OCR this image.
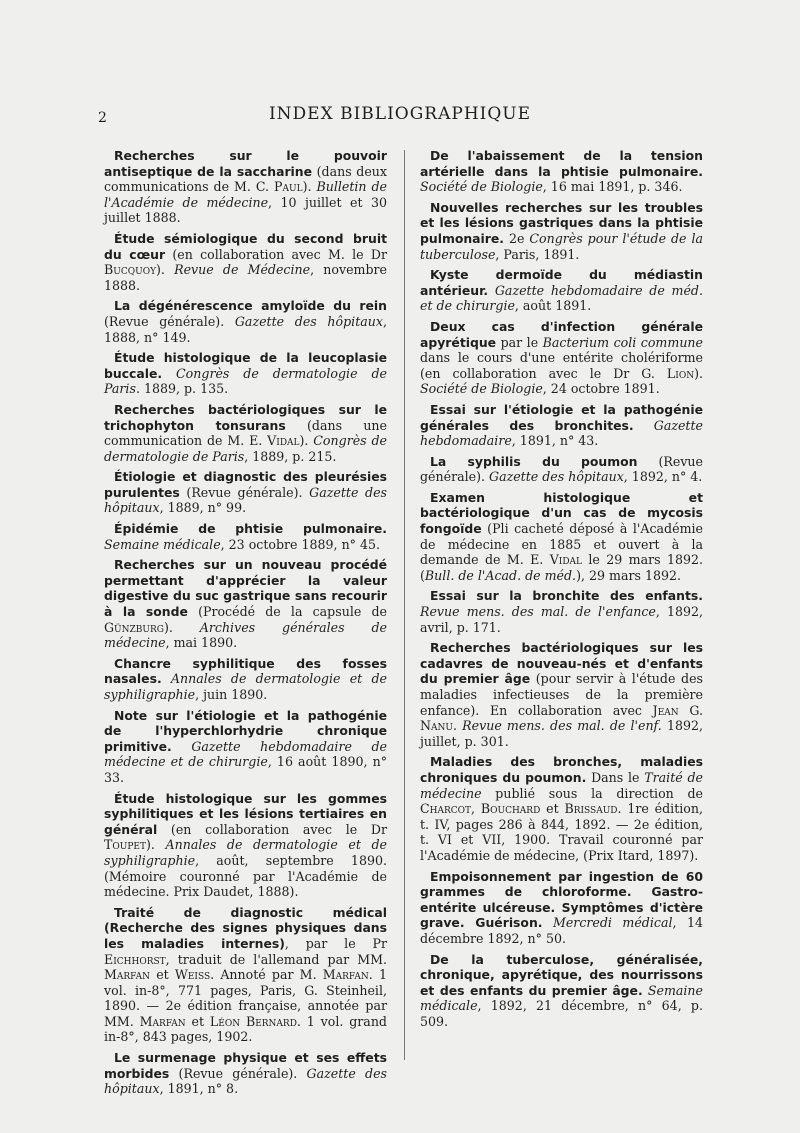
2	INDEX BIBLIOGRAPHIQUE

Recherches sur le pouvoir antiseptique de la saccharine (dans deux communications de M. C. Paul). Bulletin de l'Académie de médecine, 10 juillet et 30 juillet 1888.

Étude sémiologique du second bruit du cœur (en collaboration avec M. le Dr Bucquoy). Revue de Médecine, novembre 1888.

La dégénérescence amyloïde du rein (Revue générale). Gazette des hôpitaux, 1888, n° 149.

Étude histologique de la leucoplasie buccale. Congrès de dermatologie de Paris. 1889, p. 135.

Recherches bactériologiques sur le trichophyton tonsurans (dans une communication de M. E. Vidal). Congrès de dermatologie de Paris, 1889, p. 215.

Étiologie et diagnostic des pleurésies purulentes (Revue générale). Gazette des hôpitaux, 1889, n° 99.

Épidémie de phtisie pulmonaire. Semaine médicale, 23 octobre 1889, n° 45.

Recherches sur un nouveau procédé permettant d'apprécier la valeur digestive du suc gastrique sans recourir à la sonde (Procédé de la capsule de Günzburg). Archives générales de médecine, mai 1890.

Chancre syphilitique des fosses nasales. Annales de dermatologie et de syphiligraphie, juin 1890.

Note sur l'étiologie et la pathogénie de l'hyperchlorhydrie chronique primitive. Gazette hebdomadaire de médecine et de chirurgie, 16 août 1890, n° 33.

Étude histologique sur les gommes syphilitiques et les lésions tertiaires en général (en collaboration avec le Dr Toupet). Annales de dermatologie et de syphiligraphie, août, septembre 1890. (Mémoire couronné par l'Académie de médecine. Prix Daudet, 1888).

Traité de diagnostic médical (Recherche des signes physiques dans les maladies internes), par le Pr Eichhorst, traduit de l'allemand par MM. Marfan et Weiss. Annoté par M. Marfan. 1 vol. in-8°, 771 pages, Paris, G. Steinheil, 1890. — 2e édition française, annotée par MM. Marfan et Léon Bernard. 1 vol. grand in-8°, 843 pages, 1902.

Le surmenage physique et ses effets morbides (Revue générale). Gazette des hôpitaux, 1891, n° 8.

De l'abaissement de la tension artérielle dans la phtisie pulmonaire. Société de Biologie, 16 mai 1891, p. 346.

Nouvelles recherches sur les troubles et les lésions gastriques dans la phtisie pulmonaire. 2e Congrès pour l'étude de la tuberculose, Paris, 1891.

Kyste dermoïde du médiastin antérieur. Gazette hebdomadaire de méd. et de chirurgie, août 1891.

Deux cas d'infection générale apyrétique par le Bacterium coli commune dans le cours d'une entérite cholériforme (en collaboration avec le Dr G. Lion). Société de Biologie, 24 octobre 1891.

Essai sur l'étiologie et la pathogénie générales des bronchites. Gazette hebdomadaire, 1891, n° 43.

La syphilis du poumon (Revue générale). Gazette des hôpitaux, 1892, n° 4.

Examen histologique et bactériologique d'un cas de mycosis fongoïde (Pli cacheté déposé à l'Académie de médecine en 1885 et ouvert à la demande de M. E. Vidal le 29 mars 1892. (Bull. de l'Acad. de méd.), 29 mars 1892.

Essai sur la bronchite des enfants. Revue mens. des mal. de l'enfance, 1892, avril, p. 171.

Recherches bactériologiques sur les cadavres de nouveau-nés et d'enfants du premier âge (pour servir à l'étude des maladies infectieuses de la première enfance). En collaboration avec Jean G. Nanu. Revue mens. des mal. de l'enf. 1892, juillet, p. 301.

Maladies des bronches, maladies chroniques du poumon. Dans le Traité de médecine publié sous la direction de Charcot, Bouchard et Brissaud. 1re édition, t. IV, pages 286 à 844, 1892. — 2e édition, t. VI et VII, 1900. Travail couronné par l'Académie de médecine, (Prix Itard, 1897).

Empoisonnement par ingestion de 60 grammes de chloroforme. Gastro-entérite ulcéreuse. Symptômes d'ictère grave. Guérison. Mercredi médical, 14 décembre 1892, n° 50.

De la tuberculose, généralisée, chronique, apyrétique, des nourrissons et des enfants du premier âge. Semaine médicale, 1892, 21 décembre, n° 64, p. 509.
